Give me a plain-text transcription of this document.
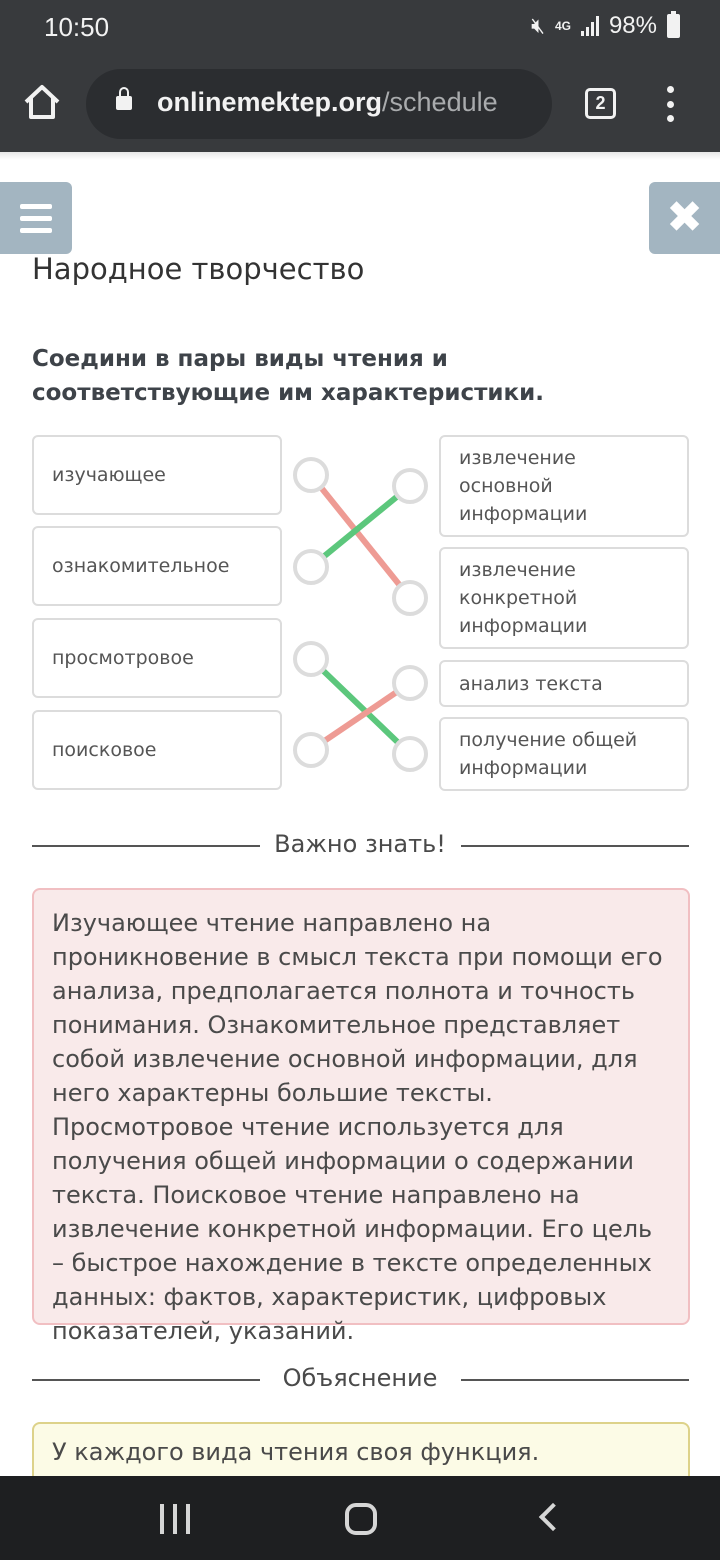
10:50	🔇︎ 4G 98%
onlinemektep.org/schedule	2
✖
Народное творчество
Соедини в пары виды чтения и соответствующие им характеристики.
изучающее
ознакомительное
просмотровое
поисковое
извлечение основной информации
извлечение конкретной информации
анализ текста
получение общей информации
Важно знать!
Изучающее чтение направлено на проникновение в смысл текста при помощи его анализа, предполагается полнота и точность понимания. Ознакомительное представляет собой извлечение основной информации, для него характерны большие тексты. Просмотровое чтение используется для получения общей информации о содержании текста. Поисковое чтение направлено на извлечение конкретной информации. Его цель – быстрое нахождение в тексте определенных данных: фактов, характеристик, цифровых показателей, указаний.
Объяснение
У каждого вида чтения своя функция.
